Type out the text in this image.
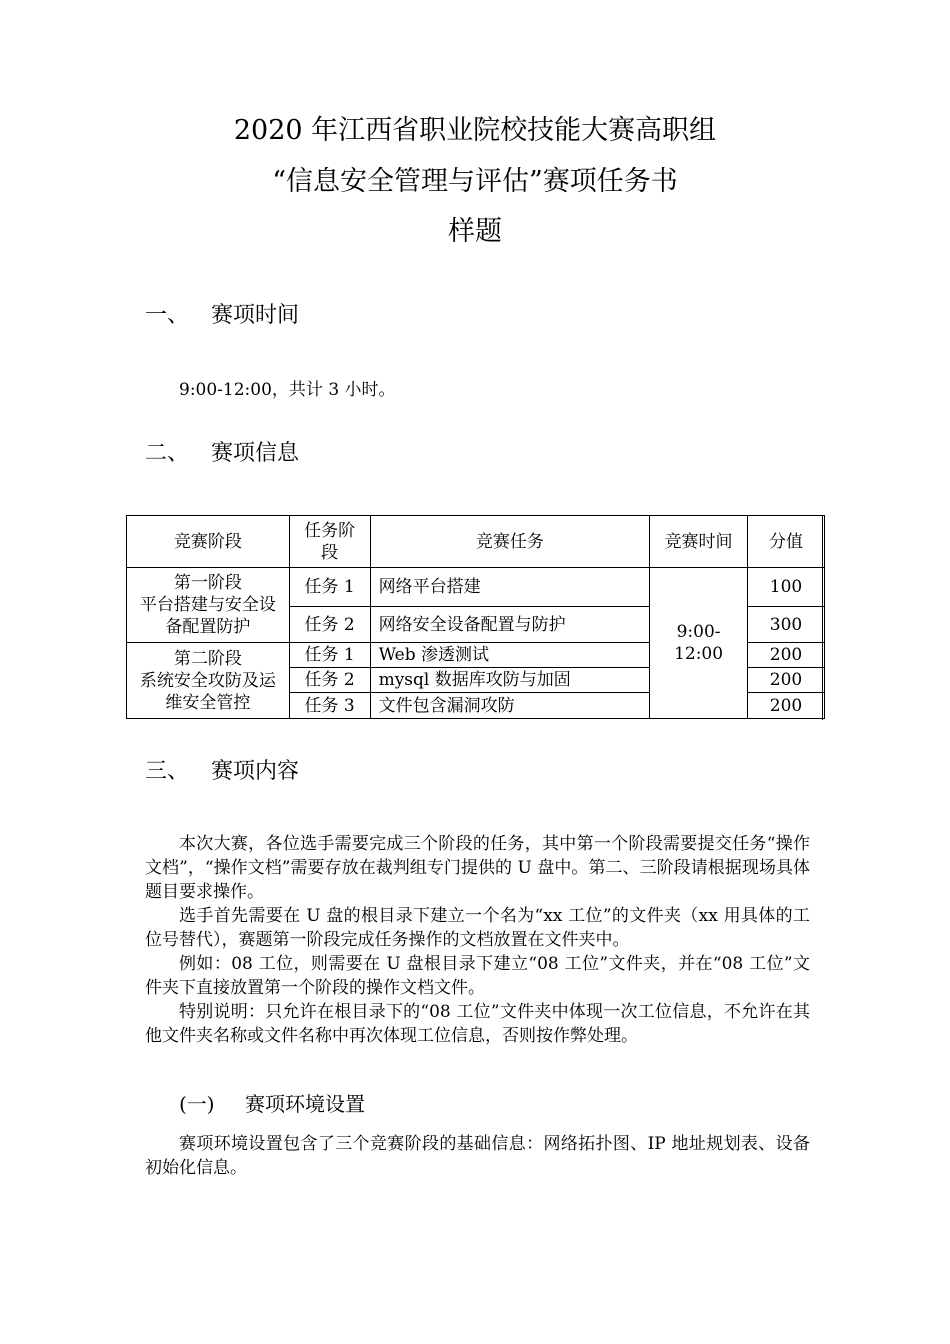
2020 年江西省职业院校技能大赛高职组
“信息安全管理与评估”赛项任务书
样题
一、 赛项时间
9:00-12:00，共计 3 小时。
二、 赛项信息
竞赛阶段	任务阶段	竞赛任务	竞赛时间	分值
第一阶段
平台搭建与安全设备配置防护	任务 1	网络平台搭建	9:00-12:00	100
	任务 2	网络安全设备配置与防护		300
第二阶段
系统安全攻防及运维安全管控	任务 1	Web 渗透测试		200
	任务 2	mysql 数据库攻防与加固		200
	任务 3	文件包含漏洞攻防		200
三、 赛项内容

本次大赛，各位选手需要完成三个阶段的任务，其中第一个阶段需要提交任务“操作文档”，“操作文档”需要存放在裁判组专门提供的 U 盘中。第二、三阶段请根据现场具体题目要求操作。

选手首先需要在 U 盘的根目录下建立一个名为“xx 工位”的文件夹（xx 用具体的工位号替代），赛题第一阶段完成任务操作的文档放置在文件夹中。

例如：08 工位，则需要在 U 盘根目录下建立“08 工位”文件夹，并在“08 工位”文件夹下直接放置第一个阶段的操作文档文件。

特别说明：只允许在根目录下的“08 工位”文件夹中体现一次工位信息，不允许在其他文件夹名称或文件名称中再次体现工位信息，否则按作弊处理。

(一) 赛项环境设置

赛项环境设置包含了三个竞赛阶段的基础信息：网络拓扑图、IP 地址规划表、设备初始化信息。
